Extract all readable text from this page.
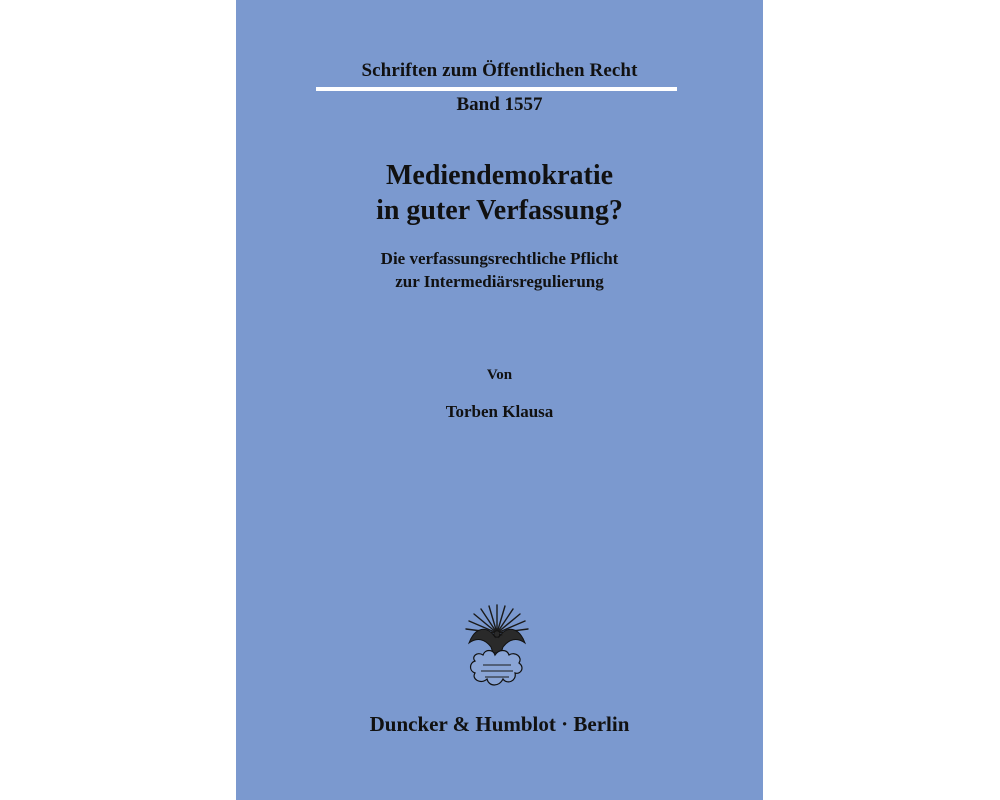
Schriften zum Öffentlichen Recht
Band 1557
Mediendemokratie
in guter Verfassung?
Die verfassungsrechtliche Pflicht
zur Intermediärsregulierung
Von
Torben Klausa
Duncker & Humblot · Berlin
